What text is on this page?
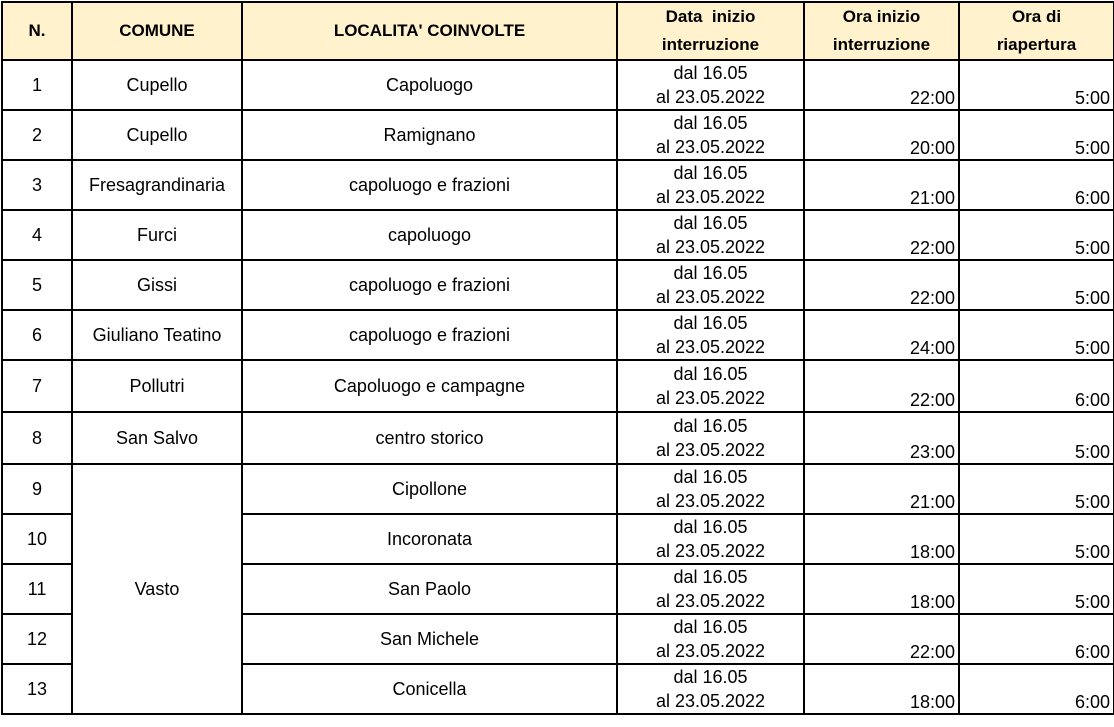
N.	COMUNE	LOCALITA' COINVOLTE	Data  inizio
interruzione	Ora inizio
interruzione	Ora di
riapertura
1	Cupello	Capoluogo	dal 16.05
al 23.05.2022	22:00	5:00
2	Cupello	Ramignano	dal 16.05
al 23.05.2022	20:00	5:00
3	Fresagrandinaria	capoluogo e frazioni	dal 16.05
al 23.05.2022	21:00	6:00
4	Furci	capoluogo	dal 16.05
al 23.05.2022	22:00	5:00
5	Gissi	capoluogo e frazioni	dal 16.05
al 23.05.2022	22:00	5:00
6	Giuliano Teatino	capoluogo e frazioni	dal 16.05
al 23.05.2022	24:00	5:00
7	Pollutri	Capoluogo e campagne	dal 16.05
al 23.05.2022	22:00	6:00
8	San Salvo	centro storico	dal 16.05
al 23.05.2022	23:00	5:00
9	Vasto	Cipollone	dal 16.05
al 23.05.2022	21:00	5:00
10		Incoronata	dal 16.05
al 23.05.2022	18:00	5:00
11		San Paolo	dal 16.05
al 23.05.2022	18:00	5:00
12		San Michele	dal 16.05
al 23.05.2022	22:00	6:00
13		Conicella	dal 16.05
al 23.05.2022	18:00	6:00
